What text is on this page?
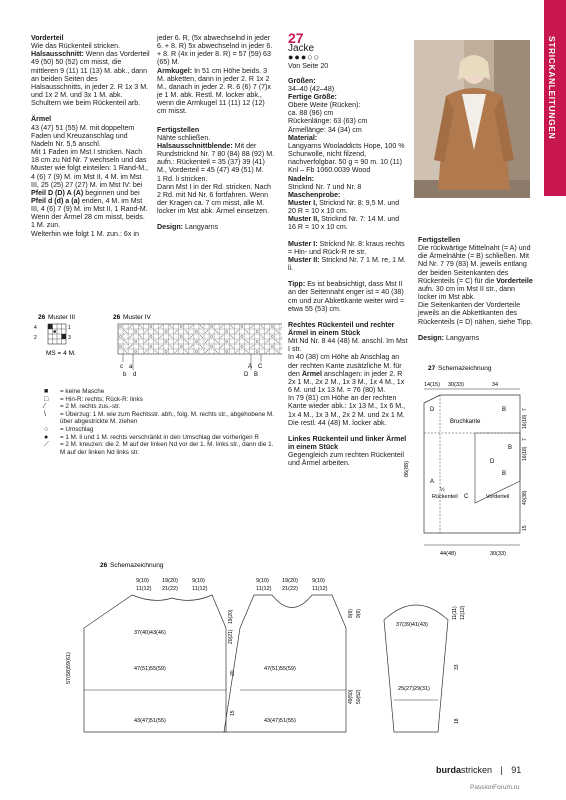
STRICKANLEITUNGEN

Vorderteil
Wie das Rückenteil stricken.
Halsausschnitt: Wenn das Vorderteil 49 (50) 50 (52) cm misst, die mittleren 9 (11) 11 (13) M. abk., dann an beiden Seiten des Halsausschnitts, in jeder 2. R 1x 3 M. und 1x 2 M. und 3x 1 M. abk. Schultern wie beim Rückenteil arb.

Ärmel
43 (47) 51 (55) M. mit doppeltem Faden und Kreuzanschlag und Nadeln Nr. 5,5 anschl.
Mit 1 Faden im Mst I stricken. Nach 18 cm zu Nd Nr. 7 wechseln und das Muster wie folgt einteilen: 1 Rand-M., 4 (6) 7 (9) M. im Mst II, 4 M. im Mst III, 25 (25) 27 (27) M. im Mst IV: bei Pfeil D (D) A (A) beginnen und bei Pfeil d (d) a (a) enden, 4 M. im Mst III, 4 (6) 7 (9) M. im Mst II, 1 Rand-M.
Wenn der Ärmel 28 cm misst, beids. 1 M. zun.
Welterhin wie folgt 1 M. zun.: 6x in

jeder 6. R, (5x abwechselnd in jeder 6. + 8. R) 5x abwechselnd in jeder 6. + 8. R (4x in jeder 8. R) = 57 (59) 63 (65) M.
Armkugel: In 51 cm Höhe beids. 3 M. abketten, dann in jeder 2. R 1x 2 M., danach in jeder 2. R. 6 (6) 7 (7)x je 1 M. abk. Restl. M. locker abk., wenn die Armkugel 11 (11) 12 (12) cm misst.

Fertigstellen
Nähte schließen.
Halsausschnittblende: Mit der Rundstricknd Nr. 7 80 (84) 88 (92) M. aufn.: Rückenteil = 35 (37) 39 (41) M., Vorderteil = 45 (47) 49 (51) M.
1 Rd. li stricken.
Dann Mst I in der Rd. stricken. Nach 2 Rd. mit Nd Nr. 6 fortfahren. Wenn der Kragen ca. 7 cm misst, alle M. locker im Mst abk. Ärmel einsetzen.

Design: Langyarns

27
Jacke
●●●○○
Von Seite 20

Größen:
34–40 (42–48)
Fertige Größe:
Obere Weite (Rücken):
ca. 88 (96) cm
Rückenlänge: 63 (63) cm
Ärmellänge: 34 (34) cm
Material:
Langyarns Wooladdicts Hope, 100 % Schurwolle, nicht filzend, nachverfolgbar. 50 g = 90 m. 10 (11) Knl – Fb 1060.0039 Wood
Nadeln:
Stricknd Nr. 7 und Nr. 8
Maschenprobe:
Muster I, Stricknd Nr. 8: 9,5 M. und 20 R = 10 x 10 cm.
Muster II, Stricknd Nr. 7: 14 M. und 16 R = 10 x 10 cm.

Muster I: Stricknd Nr. 8: kraus rechts = Hin- und Rück-R re str.
Muster II: Stricknd Nr. 7 1 M. re, 1 M. li.

Tipp: Es ist beabsichtigt, dass Mst II an der Seitennaht enger ist = 40 (38) cm und zur Abkettkante weiter wird = etwa 55 (53) cm.

Rechtes Rückenteil und rechter Ärmel in einem Stück
Mit Nd Nr. 8 44 (48) M. anschl. Im Mst I str.
In 40 (38) cm Höhe ab Anschlag an der rechten Kante zusätzliche M. für den Ärmel anschlagen: in jeder 2. R 2x 1 M., 2x 2 M., 1x 3 M., 1x 4 M., 1x 6 M. und 1x 13 M. = 76 (80) M.
In 79 (81) cm Höhe an der rechten Kante wieder abk.: 1x 13 M., 1x 6 M., 1x 4 M., 1x 3 M., 2x 2 M. und 2x 1 M. Die restl. 44 (48) M. locker abk.

Linkes Rückenteil und linker Ärmel in einem Stück
Gegengleich zum rechten Rückenteil und Ärmel arbeiten.

Fertigstellen
Die rückwärtige Mittelnaht (= A) und die Ärmelnähte (= B) schließen. Mit Nd Nr. 7 79 (83) M. jeweils entlang der beiden Seitenkanten des Rückenteils (= C) für die Vorderteile aufn. 30 cm im Mst II str., dann locker im Mst abk.
Die Seitenkanten der Vorderteile jeweils an die Abkettkanten des Rückenteils (= D) nähen, siehe Tipp.

Design: Langyarns

26 Muster III	26 Muster IV
4
2	3
1
MS = 4 M.
c a
b d
A C
D B
■	= keine Masche
□	= Hin-R: rechts; Rück-R: links
⁄	= 2 M. rechts zus.-str.
\	= Überzug: 1 M. wie zum Rechtsstr. abh., folg. M. rechts str., abgehobene M. über abgestrickte M. ziehen
○	= Umschlag
●	= 1 M. li und 1 M. rechts verschränkt in den Umschlag der vorherigen R
⟋	= 2 M. kreuzen: die 2. M auf der linken Nd vor der 1. M. links str., dann die 1. M auf der linken Nd links str.
27 Schemazeichnung
14(15) 30(33)	34
Bruchkante
D	B
B
D
A
C
B
½
Rückenteil	Vorderteil
86(88)
7
16(18)
7
16(18)
40(38)
15
44(48)	30(33)
26 Schemazeichnung
9(10)
11(12)
19(20)
21(22)
9(10)
11(12)
37(40)43(46)
47(51)55(59)
43(47)51(55)
57(58)59(61)
19(20)
20(21)
20
15
9(10)
11(12)
19(20)
21(22)
9(10)
11(12)
47(51)55(59)
43(47)51(55)
8(9) 9(9)
49(50) 50(52)
37(39)41(43)
25(27)29(31)
11(11) 12(12)
33
18
burdastricken | 91
PassionForum.ru
